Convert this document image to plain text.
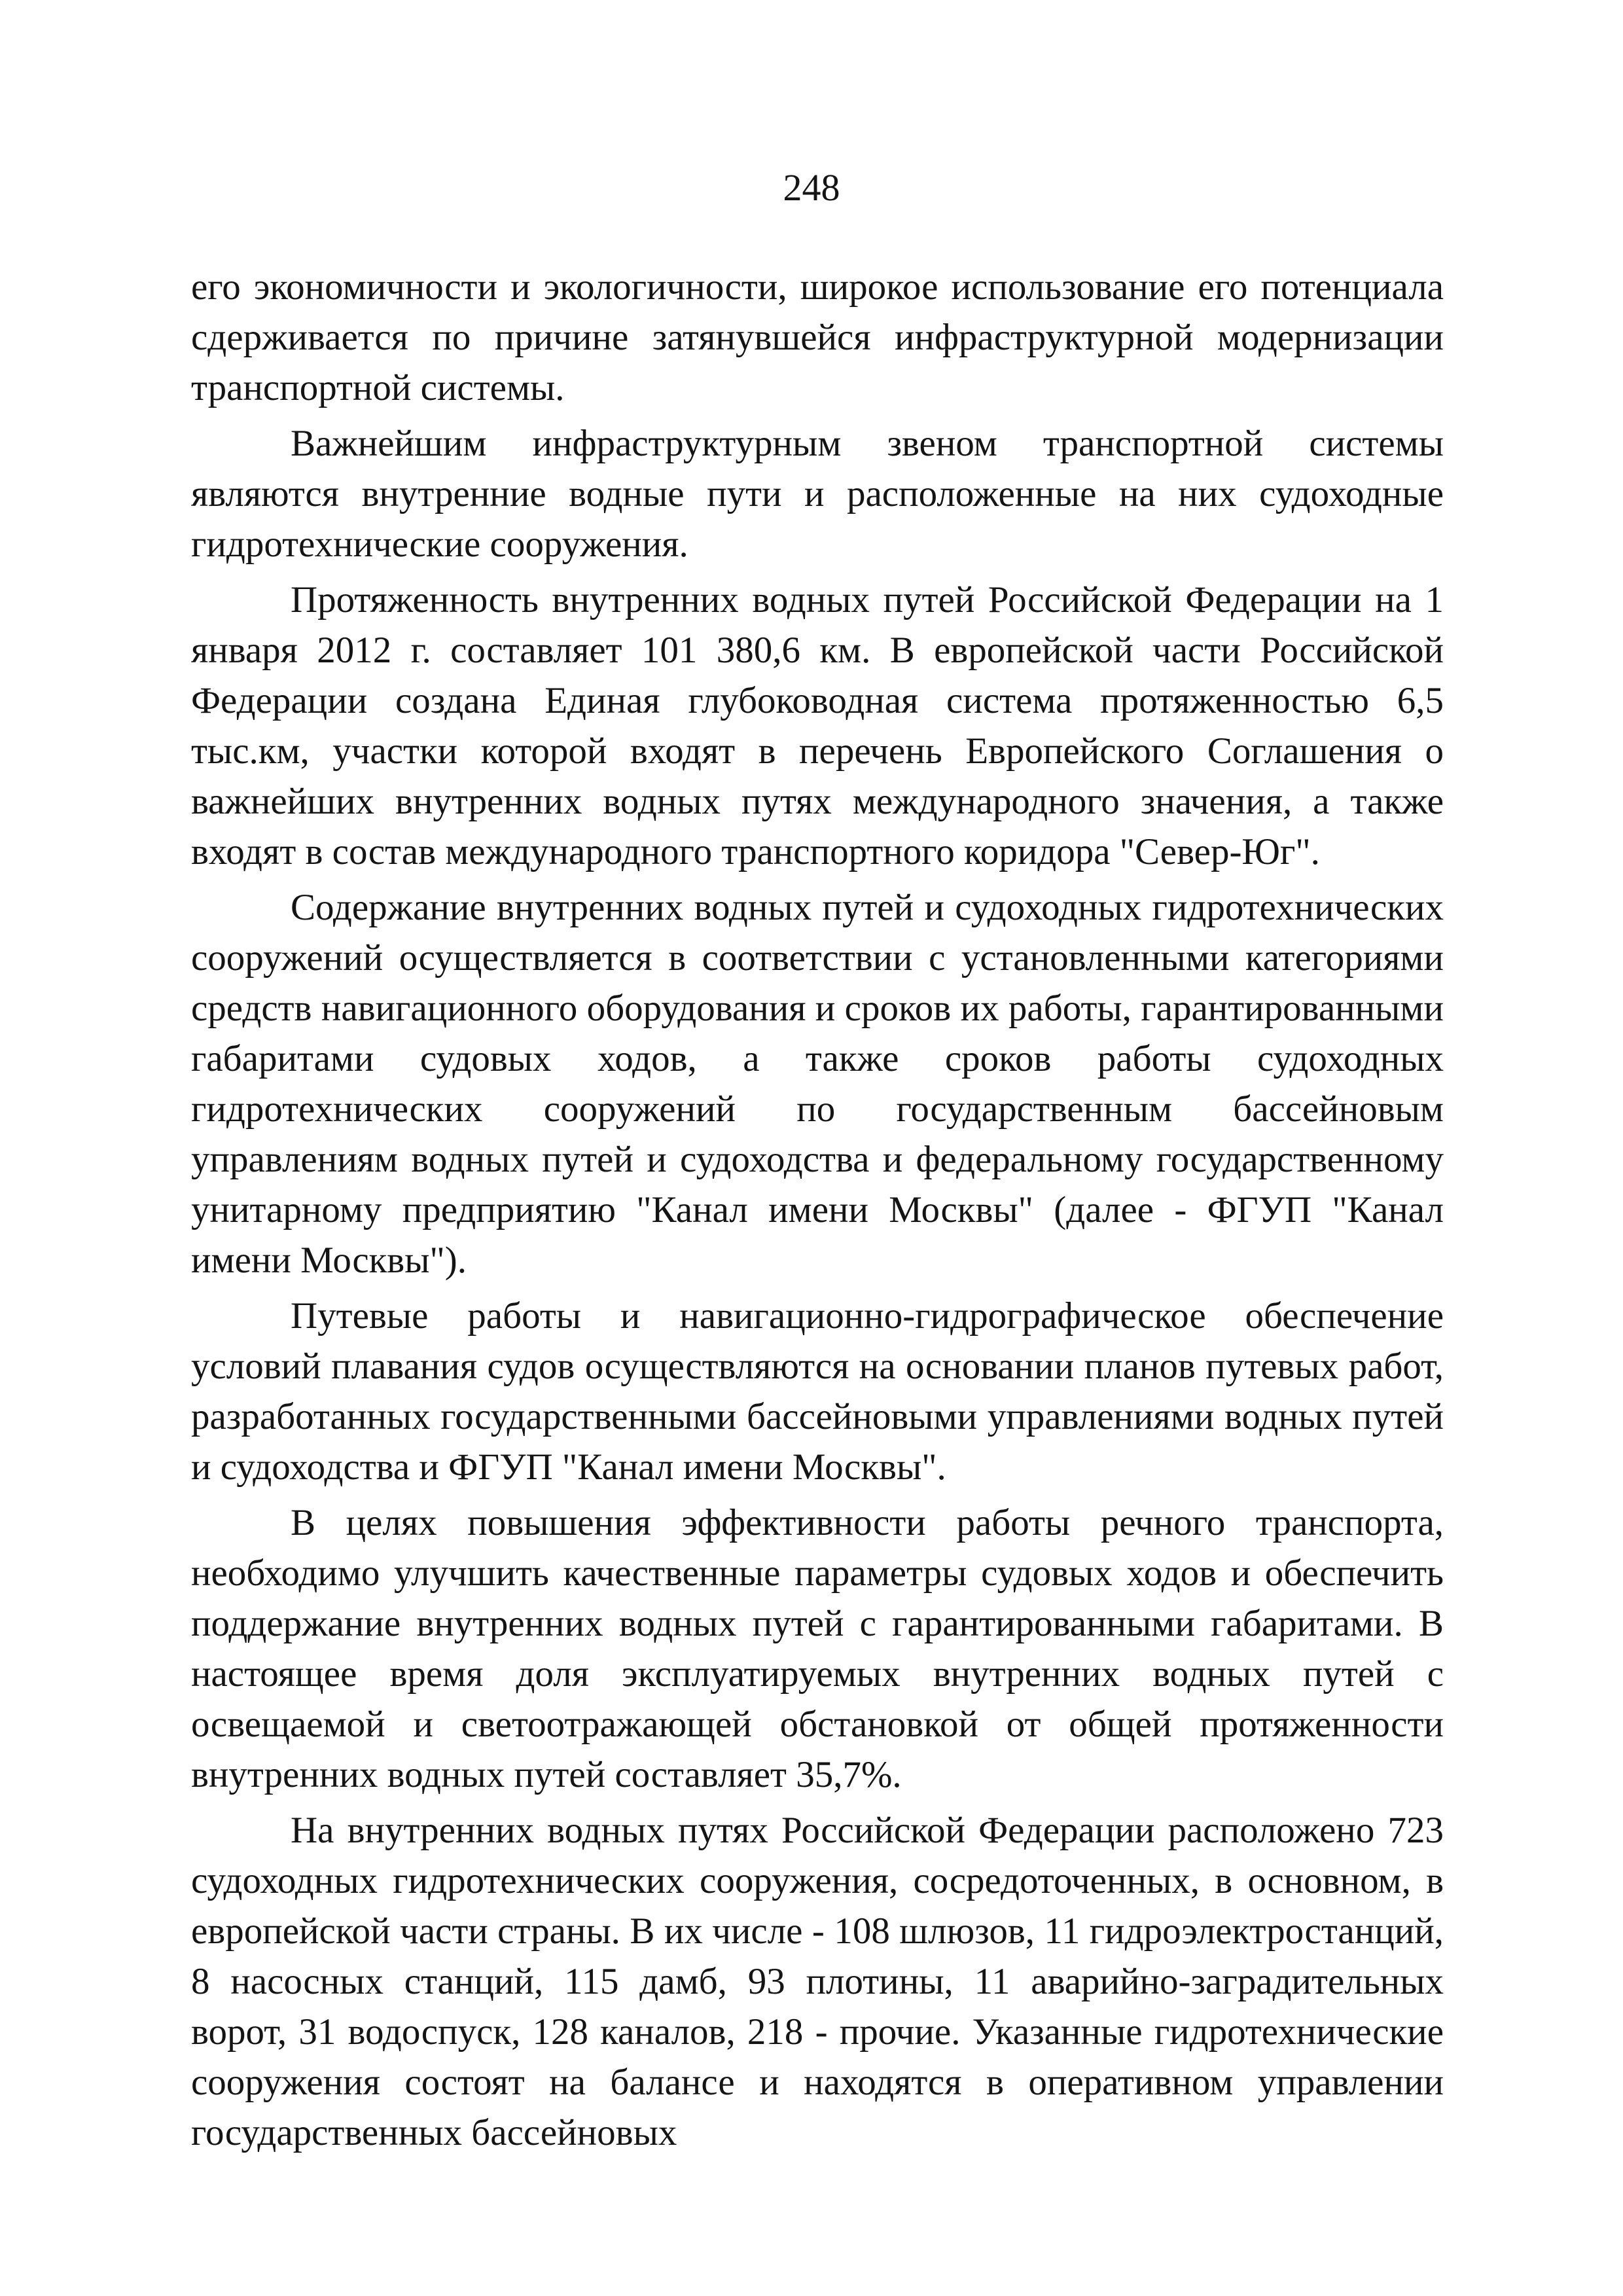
248

его экономичности и экологичности, широкое использование его потенциала сдерживается по причине затянувшейся инфраструктурной модернизации транспортной системы.

Важнейшим инфраструктурным звеном транспортной системы являются внутренние водные пути и расположенные на них судоходные гидротехнические сооружения.

Протяженность внутренних водных путей Российской Федерации на 1 января 2012 г. составляет 101 380,6 км. В европейской части Российской Федерации создана Единая глубоководная система протяженностью 6,5 тыс.км, участки которой входят в перечень Европейского Соглашения о важнейших внутренних водных путях международного значения, а также входят в состав международного транспортного коридора "Север-Юг".

Содержание внутренних водных путей и судоходных гидротехнических сооружений осуществляется в соответствии с установленными категориями средств навигационного оборудования и сроков их работы, гарантированными габаритами судовых ходов, а также сроков работы судоходных гидротехнических сооружений по государственным бассейновым управлениям водных путей и судоходства и федеральному государственному унитарному предприятию "Канал имени Москвы" (далее - ФГУП "Канал имени Москвы").

Путевые работы и навигационно-гидрографическое обеспечение условий плавания судов осуществляются на основании планов путевых работ, разработанных государственными бассейновыми управлениями водных путей и судоходства и ФГУП "Канал имени Москвы".

В целях повышения эффективности работы речного транспорта, необходимо улучшить качественные параметры судовых ходов и обеспечить поддержание внутренних водных путей с гарантированными габаритами. В настоящее время доля эксплуатируемых внутренних водных путей с освещаемой и светоотражающей обстановкой от общей протяженности внутренних водных путей составляет 35,7%.

На внутренних водных путях Российской Федерации расположено 723 судоходных гидротехнических сооружения, сосредоточенных, в основном, в европейской части страны. В их числе - 108 шлюзов, 11 гидроэлектростанций, 8 насосных станций, 115 дамб, 93 плотины, 11 аварийно-заградительных ворот, 31 водоспуск, 128 каналов, 218 - прочие. Указанные гидротехнические сооружения состоят на балансе и находятся в оперативном управлении государственных бассейновых
